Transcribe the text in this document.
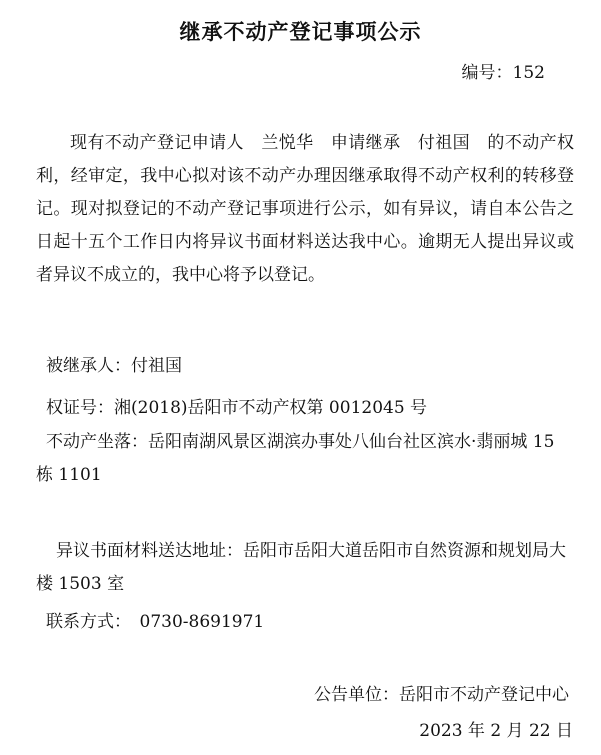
继承不动产登记事项公示
编号：152
现有不动产登记申请人　兰悦华　申请继承　付祖国　的不动产权利，经审定，我中心拟对该不动产办理因继承取得不动产权利的转移登记。现对拟登记的不动产登记事项进行公示，如有异议，请自本公告之日起十五个工作日内将异议书面材料送达我中心。逾期无人提出异议或者异议不成立的，我中心将予以登记。
被继承人：付祖国
权证号：湘(2018)岳阳市不动产权第 0012045 号
不动产坐落：岳阳南湖风景区湖滨办事处八仙台社区滨水·翡丽城 15 栋 1101
异议书面材料送达地址：岳阳市岳阳大道岳阳市自然资源和规划局大楼 1503 室
联系方式：　0730-8691971
公告单位：岳阳市不动产登记中心
2023 年 2 月 22 日
